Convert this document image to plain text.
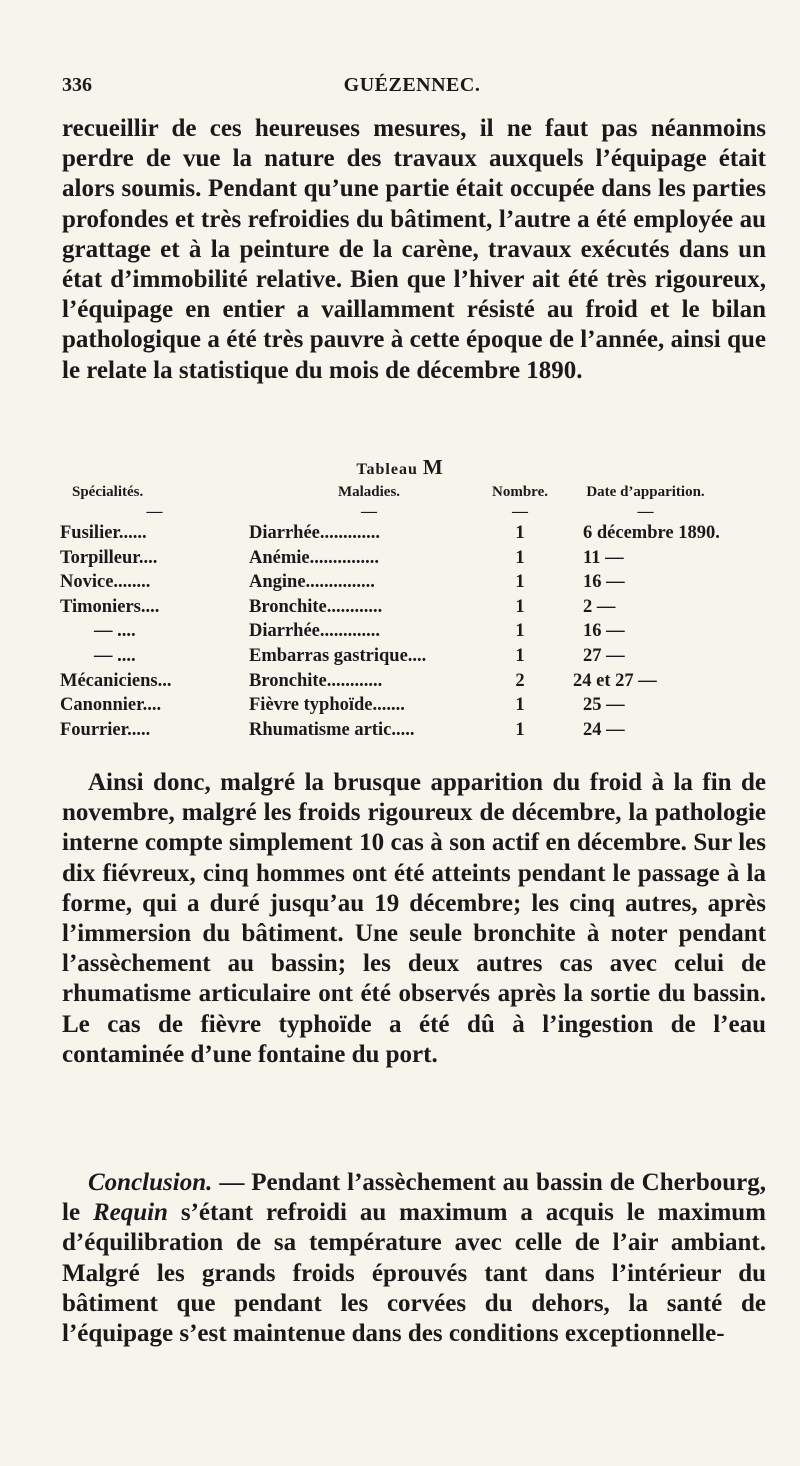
336	GUÉZENNEC.

recueillir de ces heureuses mesures, il ne faut pas néanmoins perdre de vue la nature des travaux auxquels l’équipage était alors soumis. Pendant qu’une partie était occupée dans les parties profondes et très refroidies du bâtiment, l’autre a été employée au grattage et à la peinture de la carène, travaux exécutés dans un état d’immobilité relative. Bien que l’hiver ait été très rigoureux, l’équipage en entier a vaillamment résisté au froid et le bilan pathologique a été très pauvre à cette époque de l’année, ainsi que le relate la statistique du mois de décembre 1890.

Tableau M
Spécialités.	Maladies.	Nombre.	Date d’apparition.
—	—	—	—
Fusilier......	Diarrhée.............	1	6 décembre 1890.
Torpilleur....	Anémie...............	1	11 —
Novice........	Angine...............	1	16 —
Timoniers....	Bronchite............	1	2 —
— ....	Diarrhée.............	1	16 —
— ....	Embarras gastrique....	1	27 —
Mécaniciens...	Bronchite............	2	24 et 27 —
Canonnier....	Fièvre typhoïde.......	1	25 —
Fourrier.....	Rhumatisme artic.....	1	24 —

Ainsi donc, malgré la brusque apparition du froid à la fin de novembre, malgré les froids rigoureux de décembre, la pathologie interne compte simplement 10 cas à son actif en décembre. Sur les dix fiévreux, cinq hommes ont été atteints pendant le passage à la forme, qui a duré jusqu’au 19 décembre; les cinq autres, après l’immersion du bâtiment. Une seule bronchite à noter pendant l’assèchement au bassin; les deux autres cas avec celui de rhumatisme articulaire ont été observés après la sortie du bassin. Le cas de fièvre typhoïde a été dû à l’ingestion de l’eau contaminée d’une fontaine du port.

Conclusion. — Pendant l’assèchement au bassin de Cherbourg, le Requin s’étant refroidi au maximum a acquis le maximum d’équilibration de sa température avec celle de l’air ambiant. Malgré les grands froids éprouvés tant dans l’intérieur du bâtiment que pendant les corvées du dehors, la santé de l’équipage s’est maintenue dans des conditions exceptionnelle-
